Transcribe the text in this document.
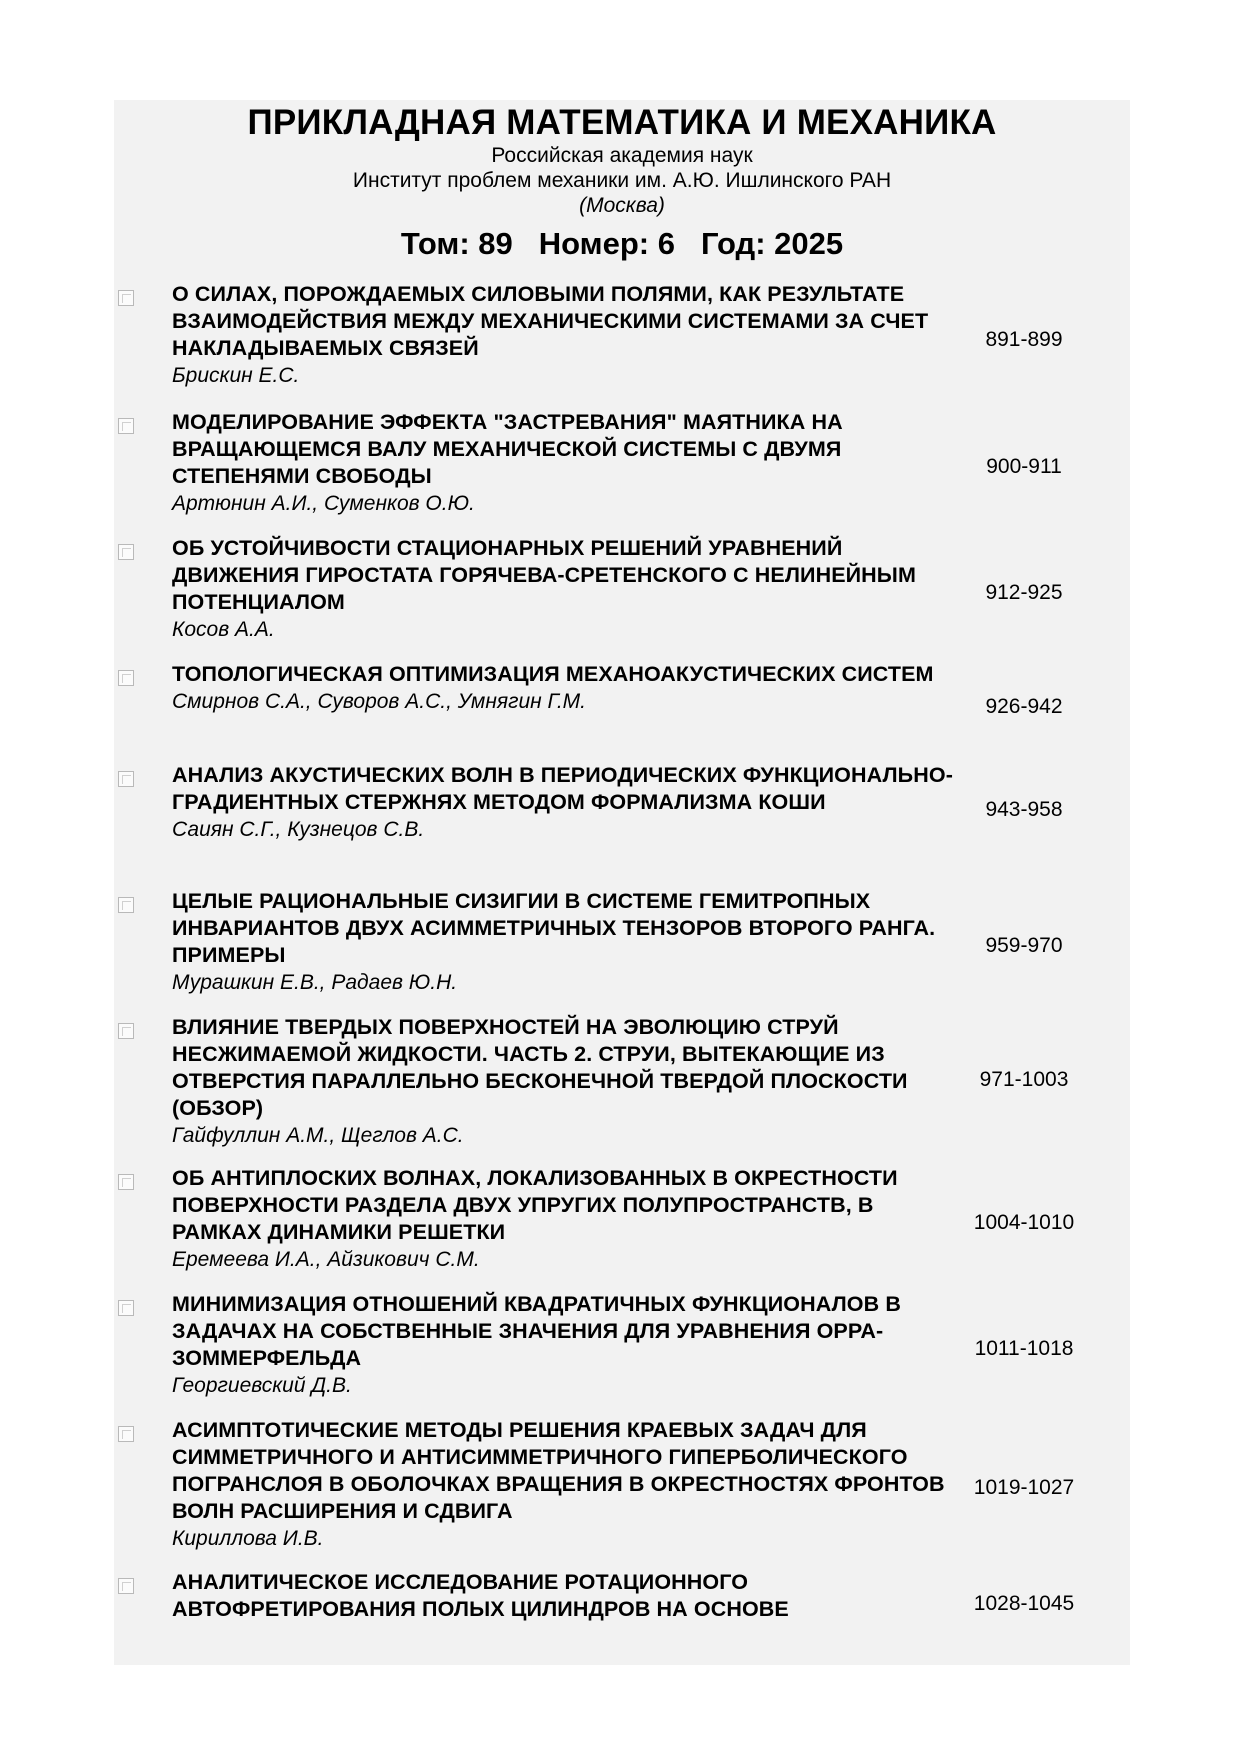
ПРИКЛАДНАЯ МАТЕМАТИКА И МЕХАНИКА
Российская академия наук
Институт проблем механики им. А.Ю. Ишлинского РАН
(Москва)
Том: 89 Номер: 6 Год: 2025
О СИЛАХ, ПОРОЖДАЕМЫХ СИЛОВЫМИ ПОЛЯМИ, КАК РЕЗУЛЬТАТЕ ВЗАИМОДЕЙСТВИЯ МЕЖДУ МЕХАНИЧЕСКИМИ СИСТЕМАМИ ЗА СЧЕТ НАКЛАДЫВАЕМЫХ СВЯЗЕЙ
Брискин Е.С.
891-899
МОДЕЛИРОВАНИЕ ЭФФЕКТА "ЗАСТРЕВАНИЯ" МАЯТНИКА НА ВРАЩАЮЩЕМСЯ ВАЛУ МЕХАНИЧЕСКОЙ СИСТЕМЫ С ДВУМЯ СТЕПЕНЯМИ СВОБОДЫ
Артюнин А.И., Суменков О.Ю.
900-911
ОБ УСТОЙЧИВОСТИ СТАЦИОНАРНЫХ РЕШЕНИЙ УРАВНЕНИЙ ДВИЖЕНИЯ ГИРОСТАТА ГОРЯЧЕВА-СРЕТЕНСКОГО С НЕЛИНЕЙНЫМ ПОТЕНЦИАЛОМ
Косов А.А.
912-925
ТОПОЛОГИЧЕСКАЯ ОПТИМИЗАЦИЯ МЕХАНОАКУСТИЧЕСКИХ СИСТЕМ
Смирнов С.А., Суворов А.С., Умнягин Г.М.	926-942
АНАЛИЗ АКУСТИЧЕСКИХ ВОЛН В ПЕРИОДИЧЕСКИХ ФУНКЦИОНАЛЬНО-ГРАДИЕНТНЫХ СТЕРЖНЯХ МЕТОДОМ ФОРМАЛИЗМА КОШИ
Саиян С.Г., Кузнецов С.В.
943-958
ЦЕЛЫЕ РАЦИОНАЛЬНЫЕ СИЗИГИИ В СИСТЕМЕ ГЕМИТРОПНЫХ ИНВАРИАНТОВ ДВУХ АСИММЕТРИЧНЫХ ТЕНЗОРОВ ВТОРОГО РАНГА. ПРИМЕРЫ
Мурашкин Е.В., Радаев Ю.Н.
959-970
ВЛИЯНИЕ ТВЕРДЫХ ПОВЕРХНОСТЕЙ НА ЭВОЛЮЦИЮ СТРУЙ НЕСЖИМАЕМОЙ ЖИДКОСТИ. ЧАСТЬ 2. СТРУИ, ВЫТЕКАЮЩИЕ ИЗ ОТВЕРСТИЯ ПАРАЛЛЕЛЬНО БЕСКОНЕЧНОЙ ТВЕРДОЙ ПЛОСКОСТИ (ОБЗОР)
Гайфуллин А.М., Щеглов А.С.
971-1003
ОБ АНТИПЛОСКИХ ВОЛНАХ, ЛОКАЛИЗОВАННЫХ В ОКРЕСТНОСТИ ПОВЕРХНОСТИ РАЗДЕЛА ДВУХ УПРУГИХ ПОЛУПРОСТРАНСТВ, В РАМКАХ ДИНАМИКИ РЕШЕТКИ
Еремеева И.А., Айзикович С.М.
1004-1010
МИНИМИЗАЦИЯ ОТНОШЕНИЙ КВАДРАТИЧНЫХ ФУНКЦИОНАЛОВ В ЗАДАЧАХ НА СОБСТВЕННЫЕ ЗНАЧЕНИЯ ДЛЯ УРАВНЕНИЯ ОРРА-ЗОММЕРФЕЛЬДА
Георгиевский Д.В.
1011-1018
АСИМПТОТИЧЕСКИЕ МЕТОДЫ РЕШЕНИЯ КРАЕВЫХ ЗАДАЧ ДЛЯ СИММЕТРИЧНОГО И АНТИСИММЕТРИЧНОГО ГИПЕРБОЛИЧЕСКОГО ПОГРАНСЛОЯ В ОБОЛОЧКАХ ВРАЩЕНИЯ В ОКРЕСТНОСТЯХ ФРОНТОВ ВОЛН РАСШИРЕНИЯ И СДВИГА
Кириллова И.В.
1019-1027
АНАЛИТИЧЕСКОЕ ИССЛЕДОВАНИЕ РОТАЦИОННОГО АВТОФРЕТИРОВАНИЯ ПОЛЫХ ЦИЛИНДРОВ НА ОСНОВЕ	1028-1045
